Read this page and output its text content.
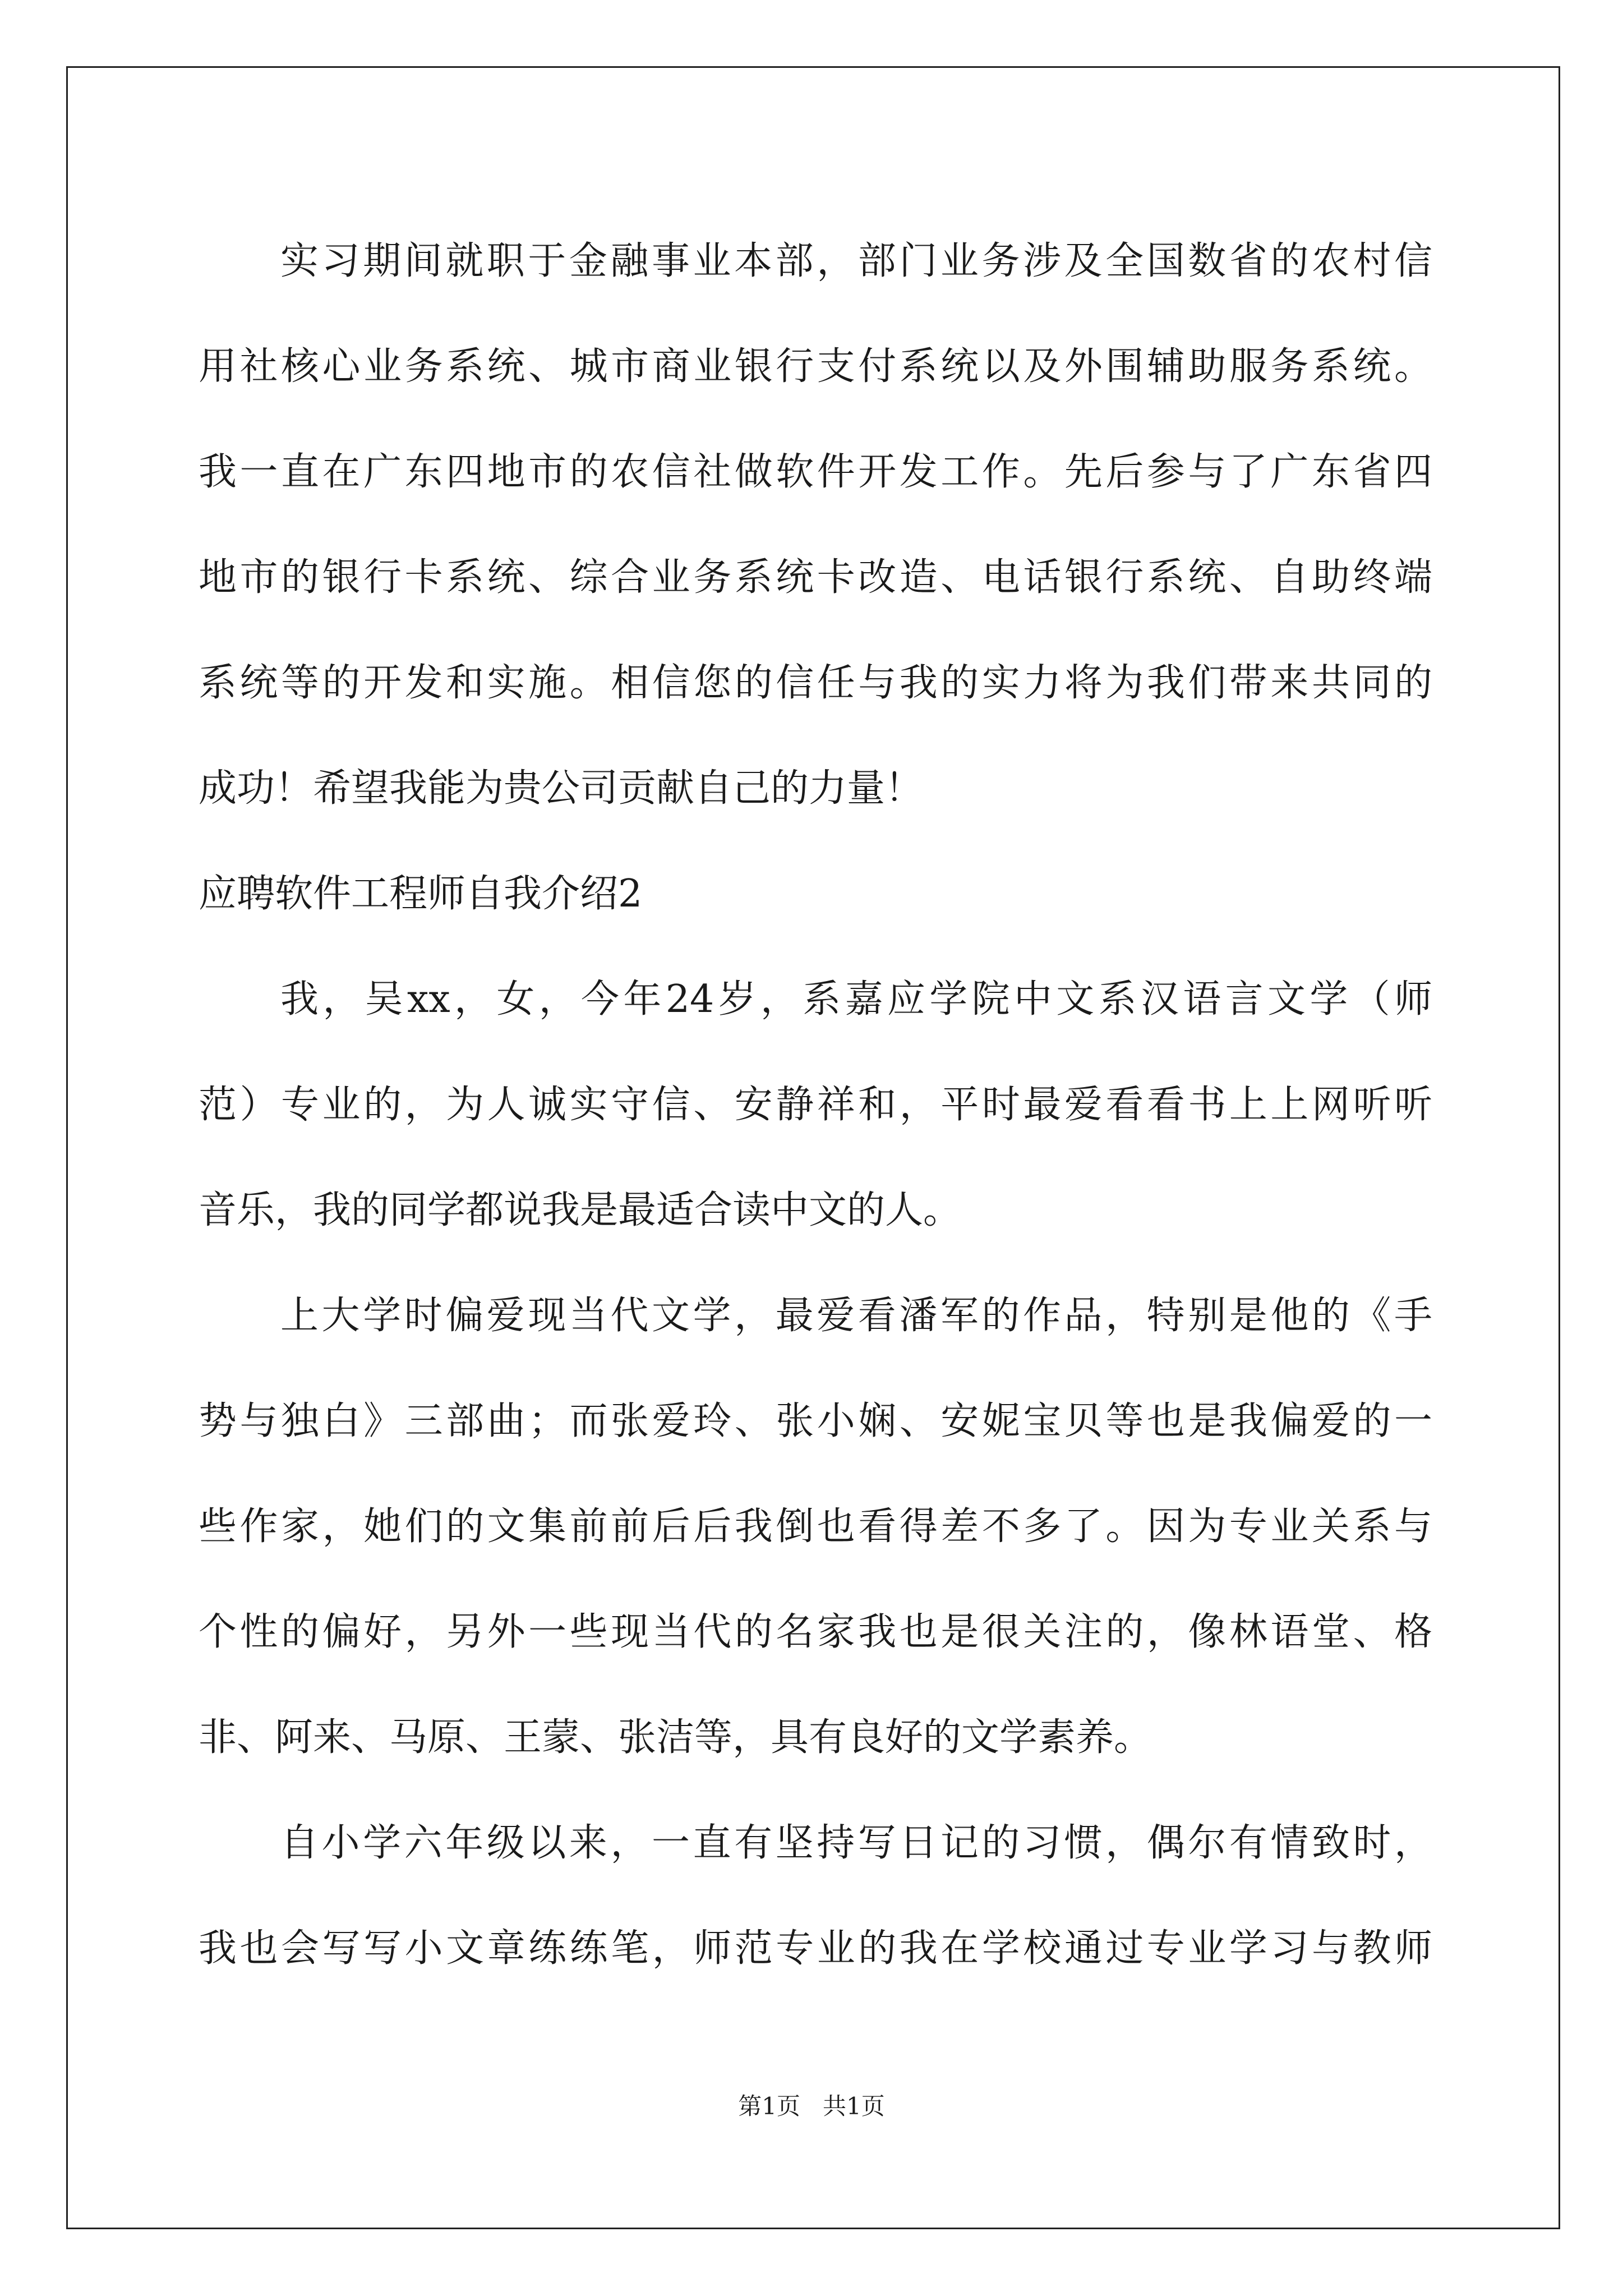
实习期间就职于金融事业本部，部门业务涉及全国数省的农村信
用社核心业务系统、城市商业银行支付系统以及外围辅助服务系统。
我一直在广东四地市的农信社做软件开发工作。先后参与了广东省四
地市的银行卡系统、综合业务系统卡改造、电话银行系统、自助终端
系统等的开发和实施。相信您的信任与我的实力将为我们带来共同的
成功！希望我能为贵公司贡献自己的力量！
应聘软件工程师自我介绍2
我，吴xx，女，今年24岁，系嘉应学院中文系汉语言文学（师
范）专业的，为人诚实守信、安静祥和，平时最爱看看书上上网听听
音乐，我的同学都说我是最适合读中文的人。
上大学时偏爱现当代文学，最爱看潘军的作品，特别是他的《手
势与独白》三部曲；而张爱玲、张小娴、安妮宝贝等也是我偏爱的一
些作家，她们的文集前前后后我倒也看得差不多了。因为专业关系与
个性的偏好，另外一些现当代的名家我也是很关注的，像林语堂、格
非、阿来、马原、王蒙、张洁等，具有良好的文学素养。
自小学六年级以来，一直有坚持写日记的习惯，偶尔有情致时，
我也会写写小文章练练笔，师范专业的我在学校通过专业学习与教师
第1页   共1页
